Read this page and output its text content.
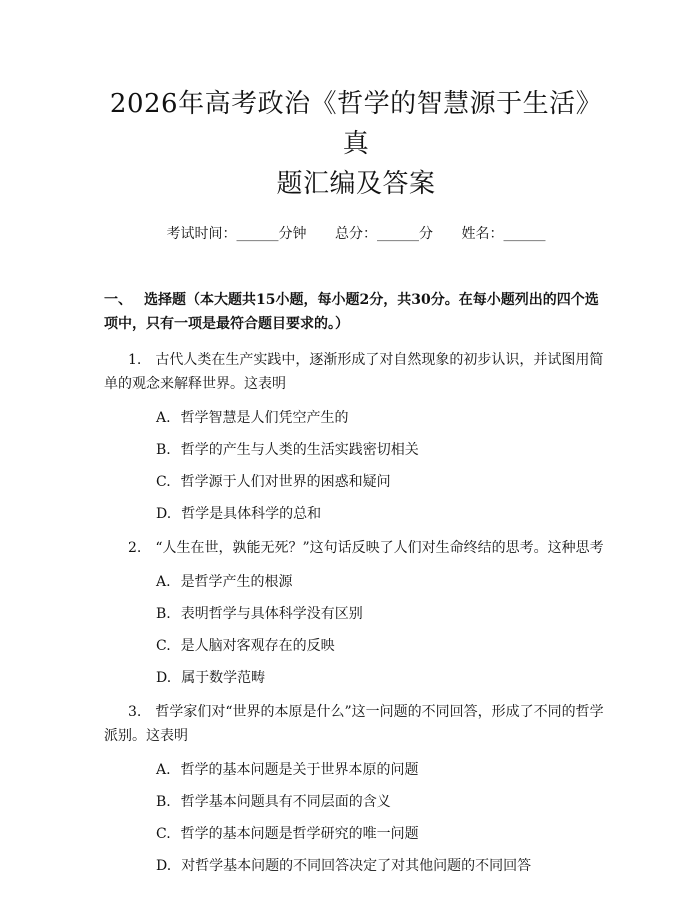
2026年高考政治《哲学的智慧源于生活》真
题汇编及答案
考试时间：______分钟 总分：______分 姓名：______
一、 选择题（本大题共15小题，每小题2分，共30分。在每小题列出的四个选项中，只有一项是最符合题目要求的。）

1. 古代人类在生产实践中，逐渐形成了对自然现象的初步认识，并试图用简单的观念来解释世界。这表明

A. 哲学智慧是人们凭空产生的
B. 哲学的产生与人类的生活实践密切相关
C. 哲学源于人们对世界的困惑和疑问
D. 哲学是具体科学的总和

2. “人生在世，孰能无死？”这句话反映了人们对生命终结的思考。这种思考

A. 是哲学产生的根源
B. 表明哲学与具体科学没有区别
C. 是人脑对客观存在的反映
D. 属于数学范畴

3. 哲学家们对“世界的本原是什么”这一问题的不同回答，形成了不同的哲学派别。这表明

A. 哲学的基本问题是关于世界本原的问题
B. 哲学基本问题具有不同层面的含义
C. 哲学的基本问题是哲学研究的唯一问题
D. 对哲学基本问题的不同回答决定了对其他问题的不同回答
